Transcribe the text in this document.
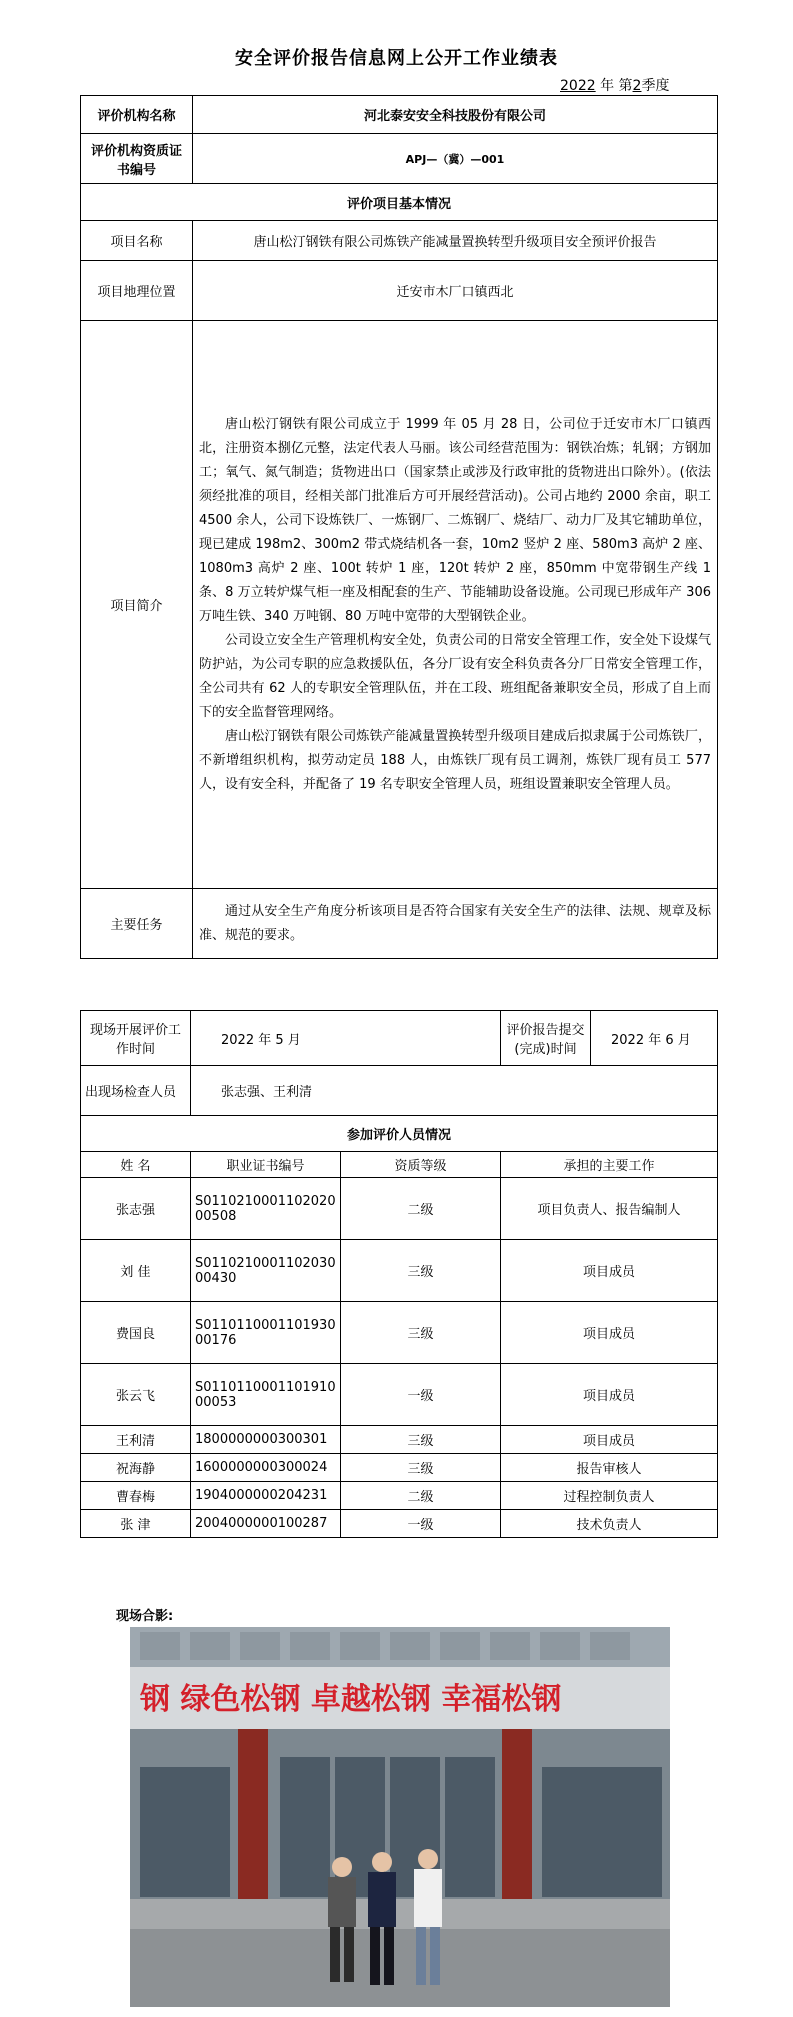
安全评价报告信息网上公开工作业绩表
2022 年 第2季度
评价机构名称	河北泰安安全科技股份有限公司
评价机构资质证书编号	APJ—（冀）—001
评价项目基本情况	
项目名称	唐山松汀钢铁有限公司炼铁产能减量置换转型升级项目安全预评价报告
项目地理位置	迁安市木厂口镇西北
项目简介	唐山松汀钢铁有限公司成立于 1999 年 05 月 28 日，公司位于迁安市木厂口镇西北，注册资本捌亿元整，法定代表人马丽。该公司经营范围为：钢铁冶炼；轧钢；方钢加工；氧气、氮气制造；货物进出口（国家禁止或涉及行政审批的货物进出口除外）。(依法须经批准的项目，经相关部门批准后方可开展经营活动)。公司占地约 2000 余亩，职工 4500 余人，公司下设炼铁厂、一炼钢厂、二炼钢厂、烧结厂、动力厂及其它辅助单位，现已建成 198m2、300m2 带式烧结机各一套，10m2 竖炉 2 座、580m3 高炉 2 座、1080m3 高炉 2 座、100t 转炉 1 座，120t 转炉 2 座，850mm 中宽带钢生产线 1 条、8 万立转炉煤气柜一座及相配套的生产、节能辅助设备设施。公司现已形成年产 306 万吨生铁、340 万吨钢、80 万吨中宽带的大型钢铁企业。

公司设立安全生产管理机构安全处，负责公司的日常安全管理工作，安全处下设煤气防护站，为公司专职的应急救援队伍，各分厂设有安全科负责各分厂日常安全管理工作，全公司共有 62 人的专职安全管理队伍，并在工段、班组配备兼职安全员，形成了自上而下的安全监督管理网络。

唐山松汀钢铁有限公司炼铁产能减量置换转型升级项目建成后拟隶属于公司炼铁厂，不新增组织机构，拟劳动定员 188 人，由炼铁厂现有员工调剂，炼铁厂现有员工 577 人，设有安全科，并配备了 19 名专职安全管理人员，班组设置兼职安全管理人员。

主要任务	通过从安全生产角度分析该项目是否符合国家有关安全生产的法律、法规、规章及标准、规范的要求。

现场开展评价工作时间	2022 年 5 月		评价报告提交(完成)时间	2022 年 6 月
出现场检查人员	张志强、王利清			
参加评价人员情况				
姓 名	职业证书编号	资质等级	承担的主要工作	
张志强	S011021000110202000508	二级	项目负责人、报告编制人	
刘 佳	S011021000110203000430	三级	项目成员	
费国良	S011011000110193000176	三级	项目成员	
张云飞	S011011000110191000053	一级	项目成员	
王利清	1800000000300301	三级	项目成员	
祝海静	1600000000300024	三级	报告审核人	
曹春梅	1904000000204231	二级	过程控制负责人	
张 津	2004000000100287	一级	技术负责人	
现场合影:
钢 绿色松钢 卓越松钢 幸福松钢
